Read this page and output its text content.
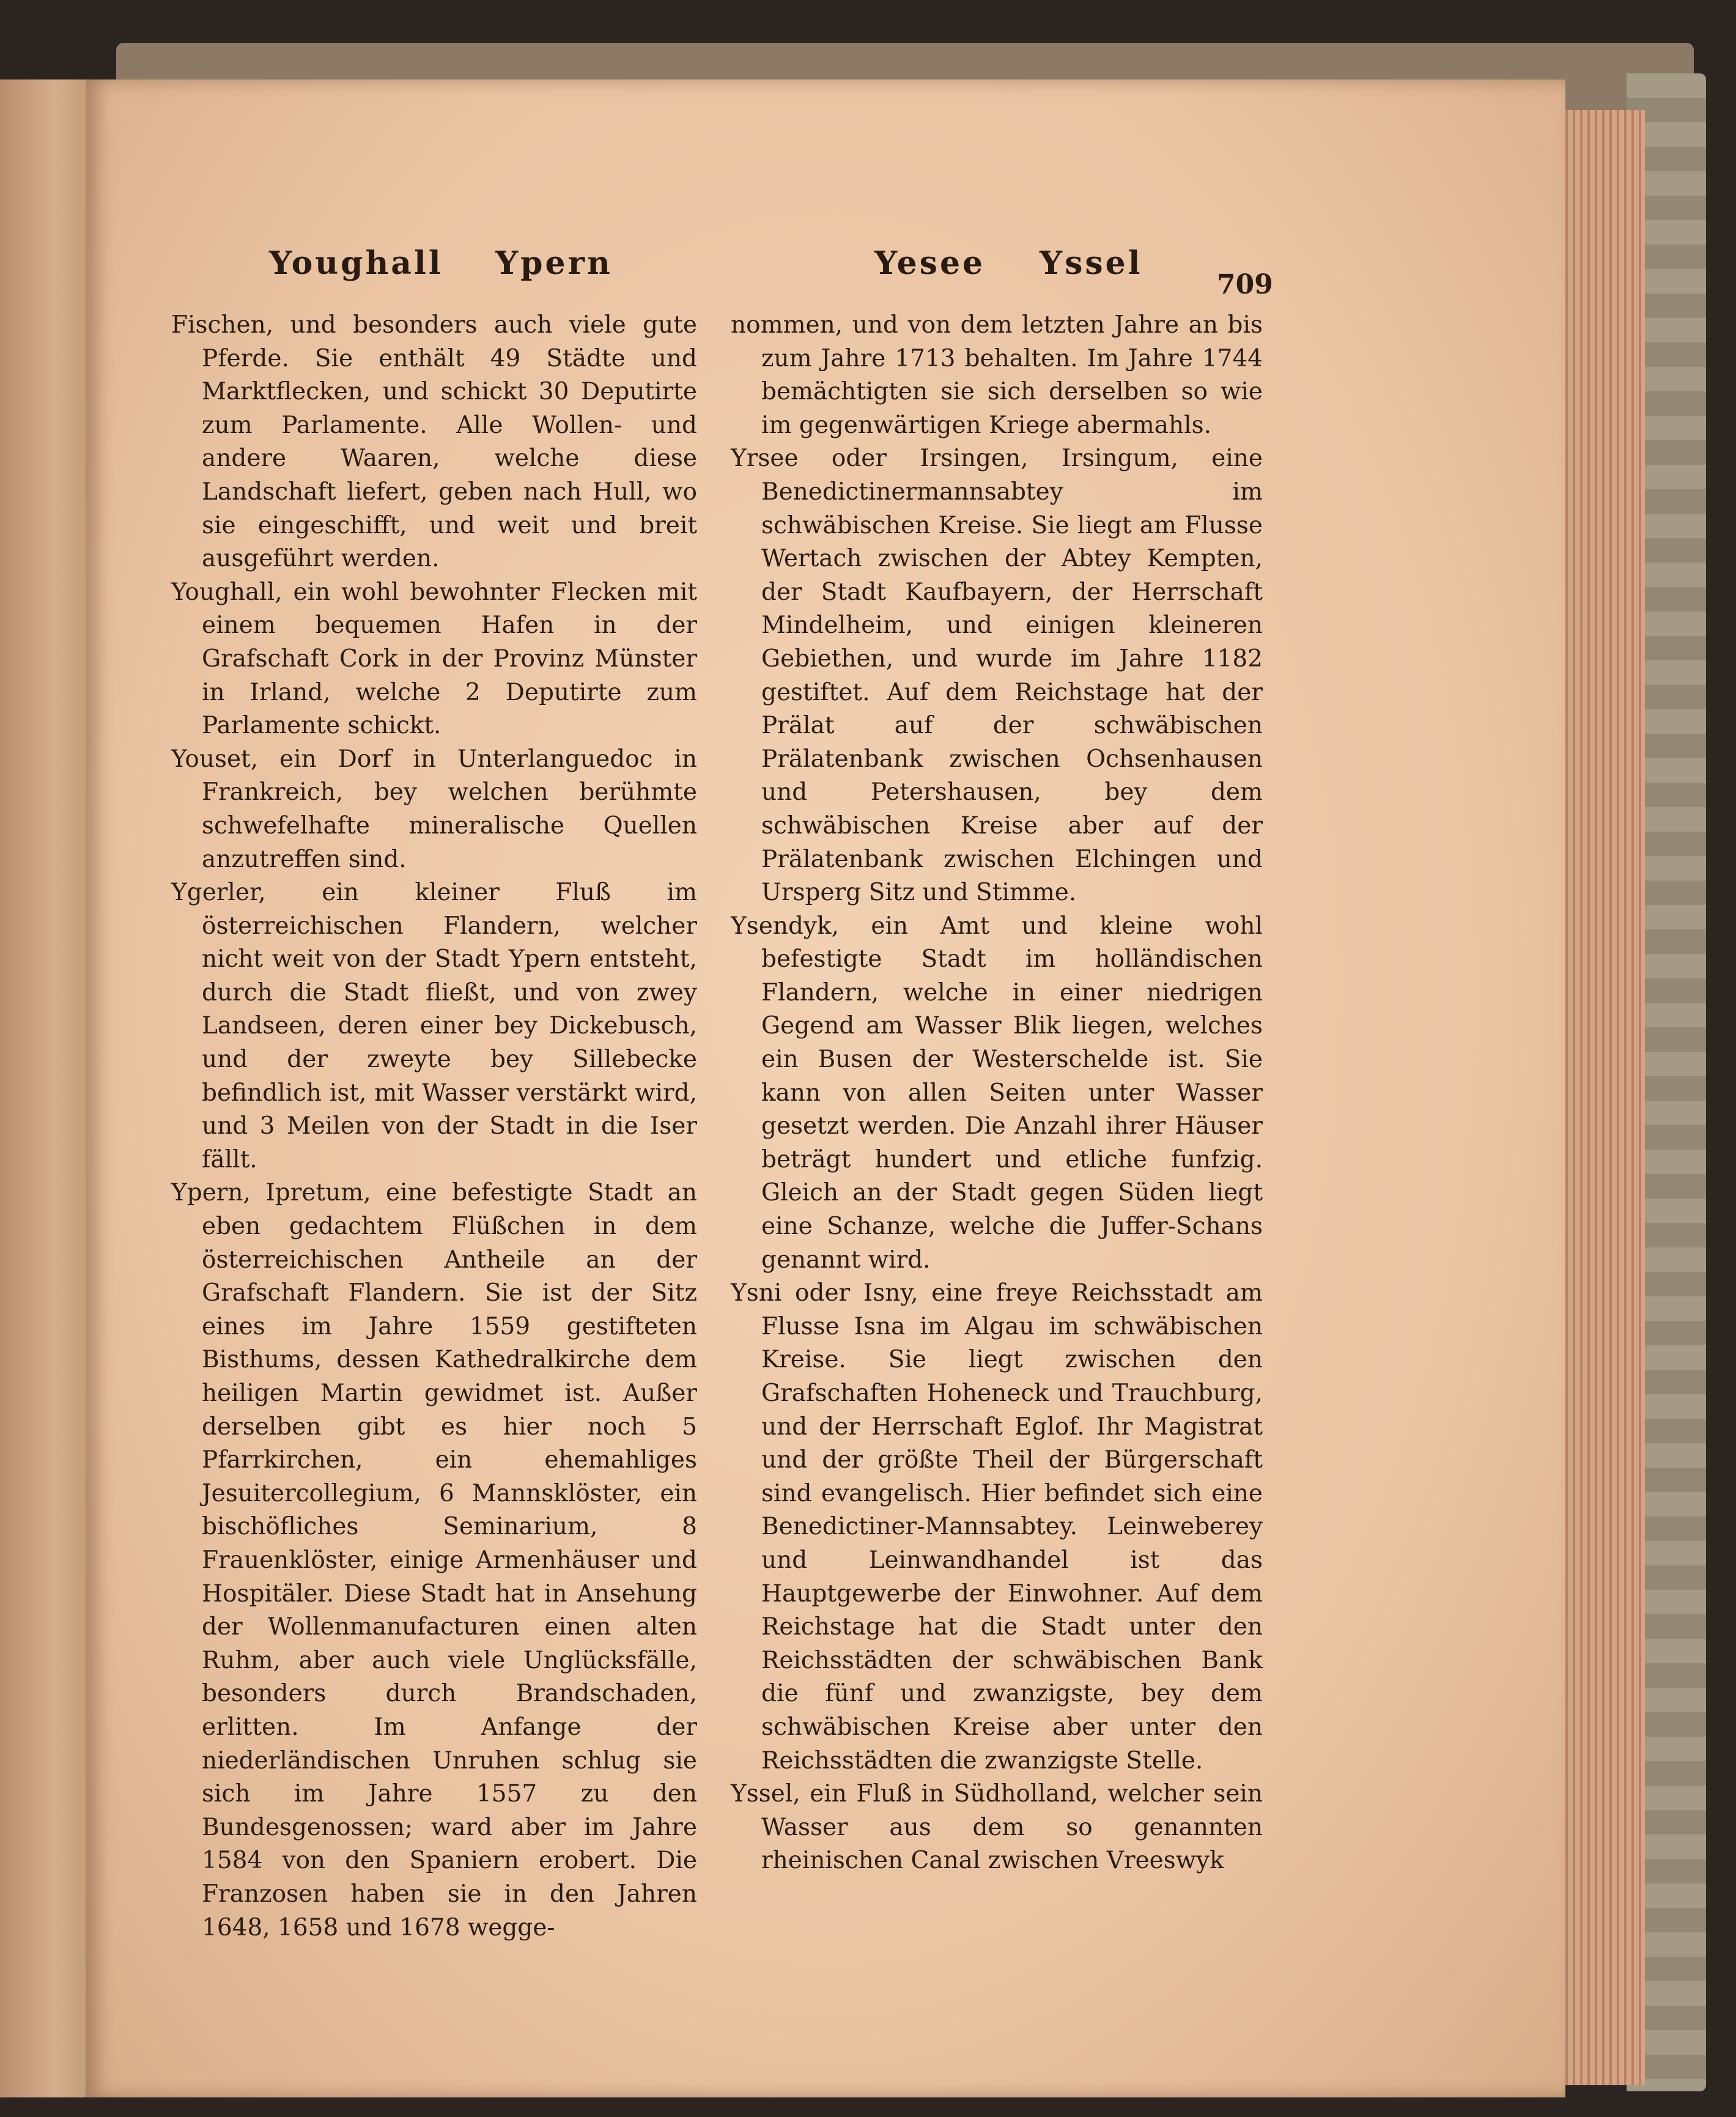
Youghall Ypern	Yesee Yssel
709

Fischen, und besonders auch viele gute Pferde. Sie enthält 49 Städte und Marktflecken, und schickt 30 Deputirte zum Parlamente. Alle Wollen- und andere Waaren, welche diese Landschaft liefert, geben nach Hull, wo sie eingeschifft, und weit und breit ausgeführt werden.

Youghall, ein wohl bewohnter Flecken mit einem bequemen Hafen in der Grafschaft Cork in der Provinz Münster in Irland, welche 2 Deputirte zum Parlamente schickt.

Youset, ein Dorf in Unterlanguedoc in Frankreich, bey welchen berühmte schwefelhafte mineralische Quellen anzutreffen sind.

Ygerler, ein kleiner Fluß im österreichischen Flandern, welcher nicht weit von der Stadt Ypern entsteht, durch die Stadt fließt, und von zwey Landseen, deren einer bey Dickebusch, und der zweyte bey Sillebecke befindlich ist, mit Wasser verstärkt wird, und 3 Meilen von der Stadt in die Iser fällt.

Ypern, Ipretum, eine befestigte Stadt an eben gedachtem Flüßchen in dem österreichischen Antheile an der Grafschaft Flandern. Sie ist der Sitz eines im Jahre 1559 gestifteten Bisthums, dessen Kathedralkirche dem heiligen Martin gewidmet ist. Außer derselben gibt es hier noch 5 Pfarrkirchen, ein ehemahliges Jesuitercollegium, 6 Mannsklöster, ein bischöfliches Seminarium, 8 Frauenklöster, einige Armenhäuser und Hospitäler. Diese Stadt hat in Ansehung der Wollenmanufacturen einen alten Ruhm, aber auch viele Unglücksfälle, besonders durch Brandschaden, erlitten. Im Anfange der niederländischen Unruhen schlug sie sich im Jahre 1557 zu den Bundesgenossen; ward aber im Jahre 1584 von den Spaniern erobert. Die Franzosen haben sie in den Jahren 1648, 1658 und 1678 wegge-

nommen, und von dem letzten Jahre an bis zum Jahre 1713 behalten. Im Jahre 1744 bemächtigten sie sich derselben so wie im gegenwärtigen Kriege abermahls.

Yrsee oder Irsingen, Irsingum, eine Benedictinermannsabtey im schwäbischen Kreise. Sie liegt am Flusse Wertach zwischen der Abtey Kempten, der Stadt Kaufbayern, der Herrschaft Mindelheim, und einigen kleineren Gebiethen, und wurde im Jahre 1182 gestiftet. Auf dem Reichstage hat der Prälat auf der schwäbischen Prälatenbank zwischen Ochsenhausen und Petershausen, bey dem schwäbischen Kreise aber auf der Prälatenbank zwischen Elchingen und Ursperg Sitz und Stimme.

Ysendyk, ein Amt und kleine wohl befestigte Stadt im holländischen Flandern, welche in einer niedrigen Gegend am Wasser Blik liegen, welches ein Busen der Westerschelde ist. Sie kann von allen Seiten unter Wasser gesetzt werden. Die Anzahl ihrer Häuser beträgt hundert und etliche funfzig. Gleich an der Stadt gegen Süden liegt eine Schanze, welche die Juffer-Schans genannt wird.

Ysni oder Isny, eine freye Reichsstadt am Flusse Isna im Algau im schwäbischen Kreise. Sie liegt zwischen den Grafschaften Hoheneck und Trauchburg, und der Herrschaft Eglof. Ihr Magistrat und der größte Theil der Bürgerschaft sind evangelisch. Hier befindet sich eine Benedictiner-Mannsabtey. Leinweberey und Leinwandhandel ist das Hauptgewerbe der Einwohner. Auf dem Reichstage hat die Stadt unter den Reichsstädten der schwäbischen Bank die fünf und zwanzigste, bey dem schwäbischen Kreise aber unter den Reichsstädten die zwanzigste Stelle.

Yssel, ein Fluß in Südholland, welcher sein Wasser aus dem so genannten rheinischen Canal zwischen Vreeswyk
